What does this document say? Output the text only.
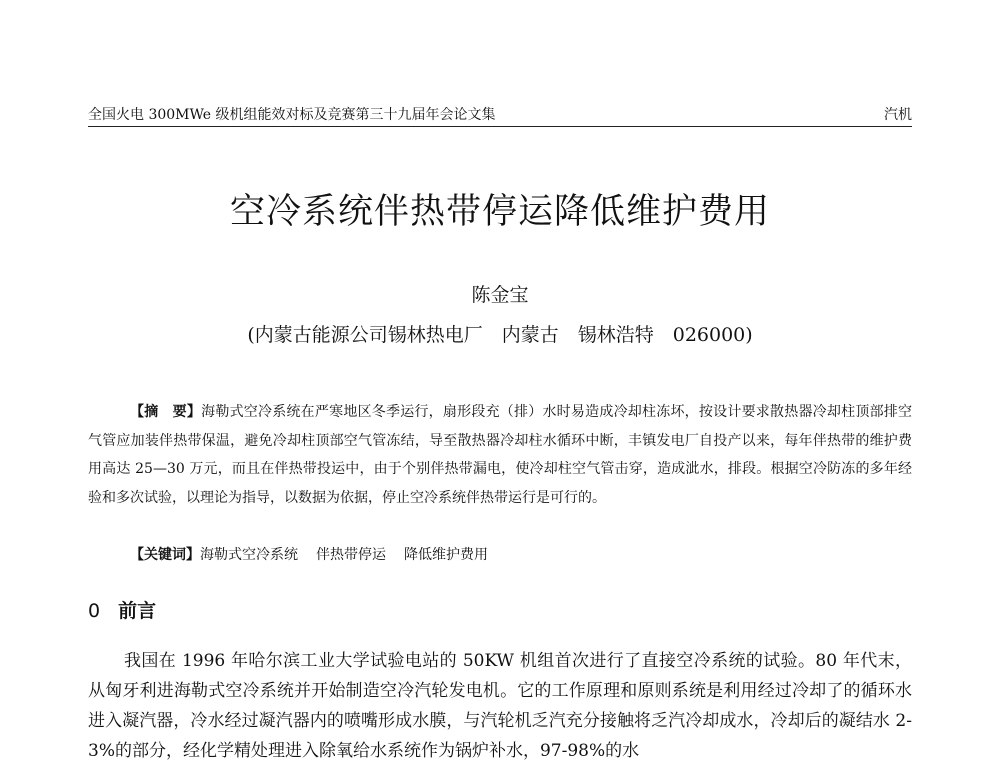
全国火电 300MWe 级机组能效对标及竞赛第三十九届年会论文集	汽机
空冷系统伴热带停运降低维护费用
陈金宝
(内蒙古能源公司锡林热电厂　内蒙古　锡林浩特　026000)
【摘　要】海勒式空冷系统在严寒地区冬季运行，扇形段充（排）水时易造成冷却柱冻坏，按设计要求散热器冷却柱顶部排空气管应加装伴热带保温，避免冷却柱顶部空气管冻结，导至散热器冷却柱水循环中断，丰镇发电厂自投产以来，每年伴热带的维护费用高达 25—30 万元，而且在伴热带投运中，由于个别伴热带漏电，使冷却柱空气管击穿，造成泚水，排段。根据空冷防冻的多年经验和多次试验，以理论为指导，以数据为依据，停止空冷系统伴热带运行是可行的。
【关键词】海勒式空冷系统 伴热带停运 降低维护费用
0 前言
我国在 1996 年哈尔滨工业大学试验电站的 50KW 机组首次进行了直接空冷系统的试验。80 年代末，从匈牙利进海勒式空冷系统并开始制造空冷汽轮发电机。它的工作原理和原则系统是利用经过冷却了的循环水进入凝汽器，冷水经过凝汽器内的喷嘴形成水膜，与汽轮机乏汽充分接触将乏汽冷却成水，冷却后的凝结水 2-3%的部分，经化学精处理进入除氧给水系统作为锅炉补水，97-98%的水
